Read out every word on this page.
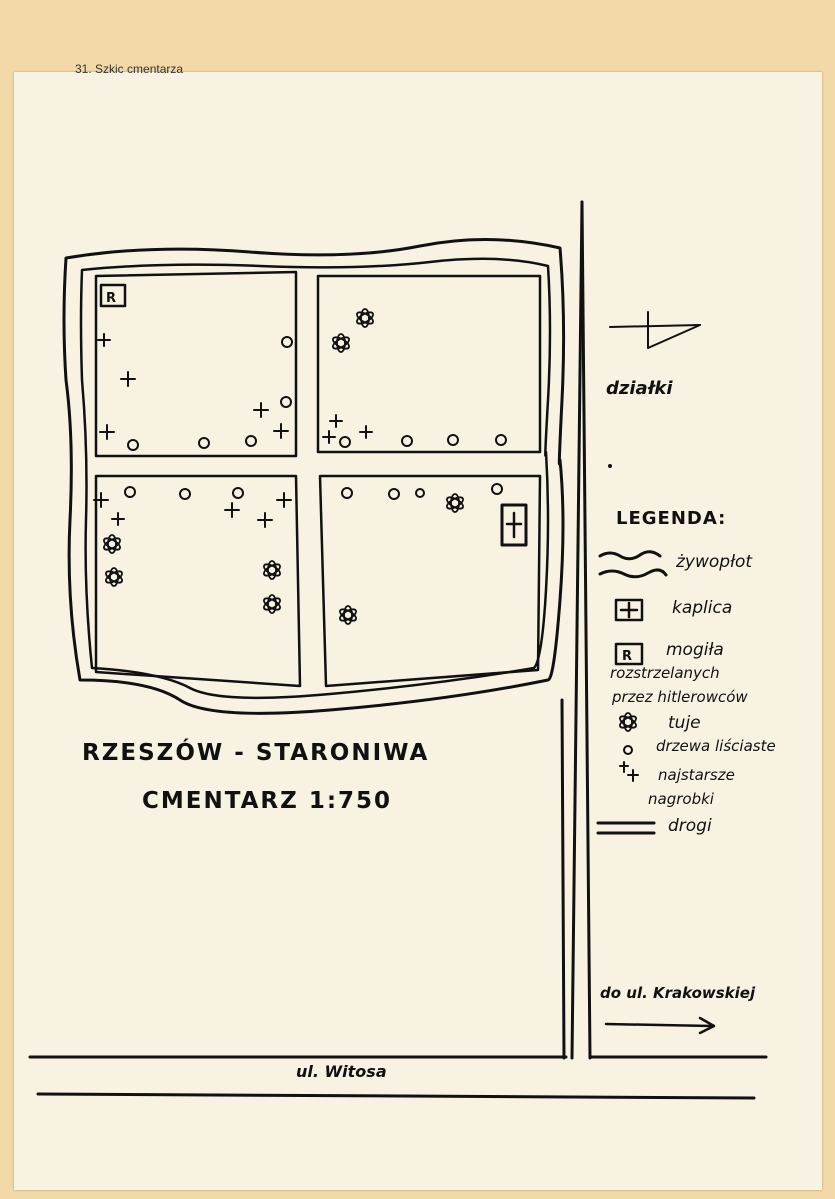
31. Szkic cmentarza
R
R
RZESZÓW - STARONIWA
CMENTARZ 1:750
działki
LEGENDA:
żywopłot
kaplica
mogiła
rozstrzelanych
przez hitlerowców
tuje
drzewa liściaste
najstarsze
nagrobki
drogi
do ul. Krakowskiej
ul. Witosa
